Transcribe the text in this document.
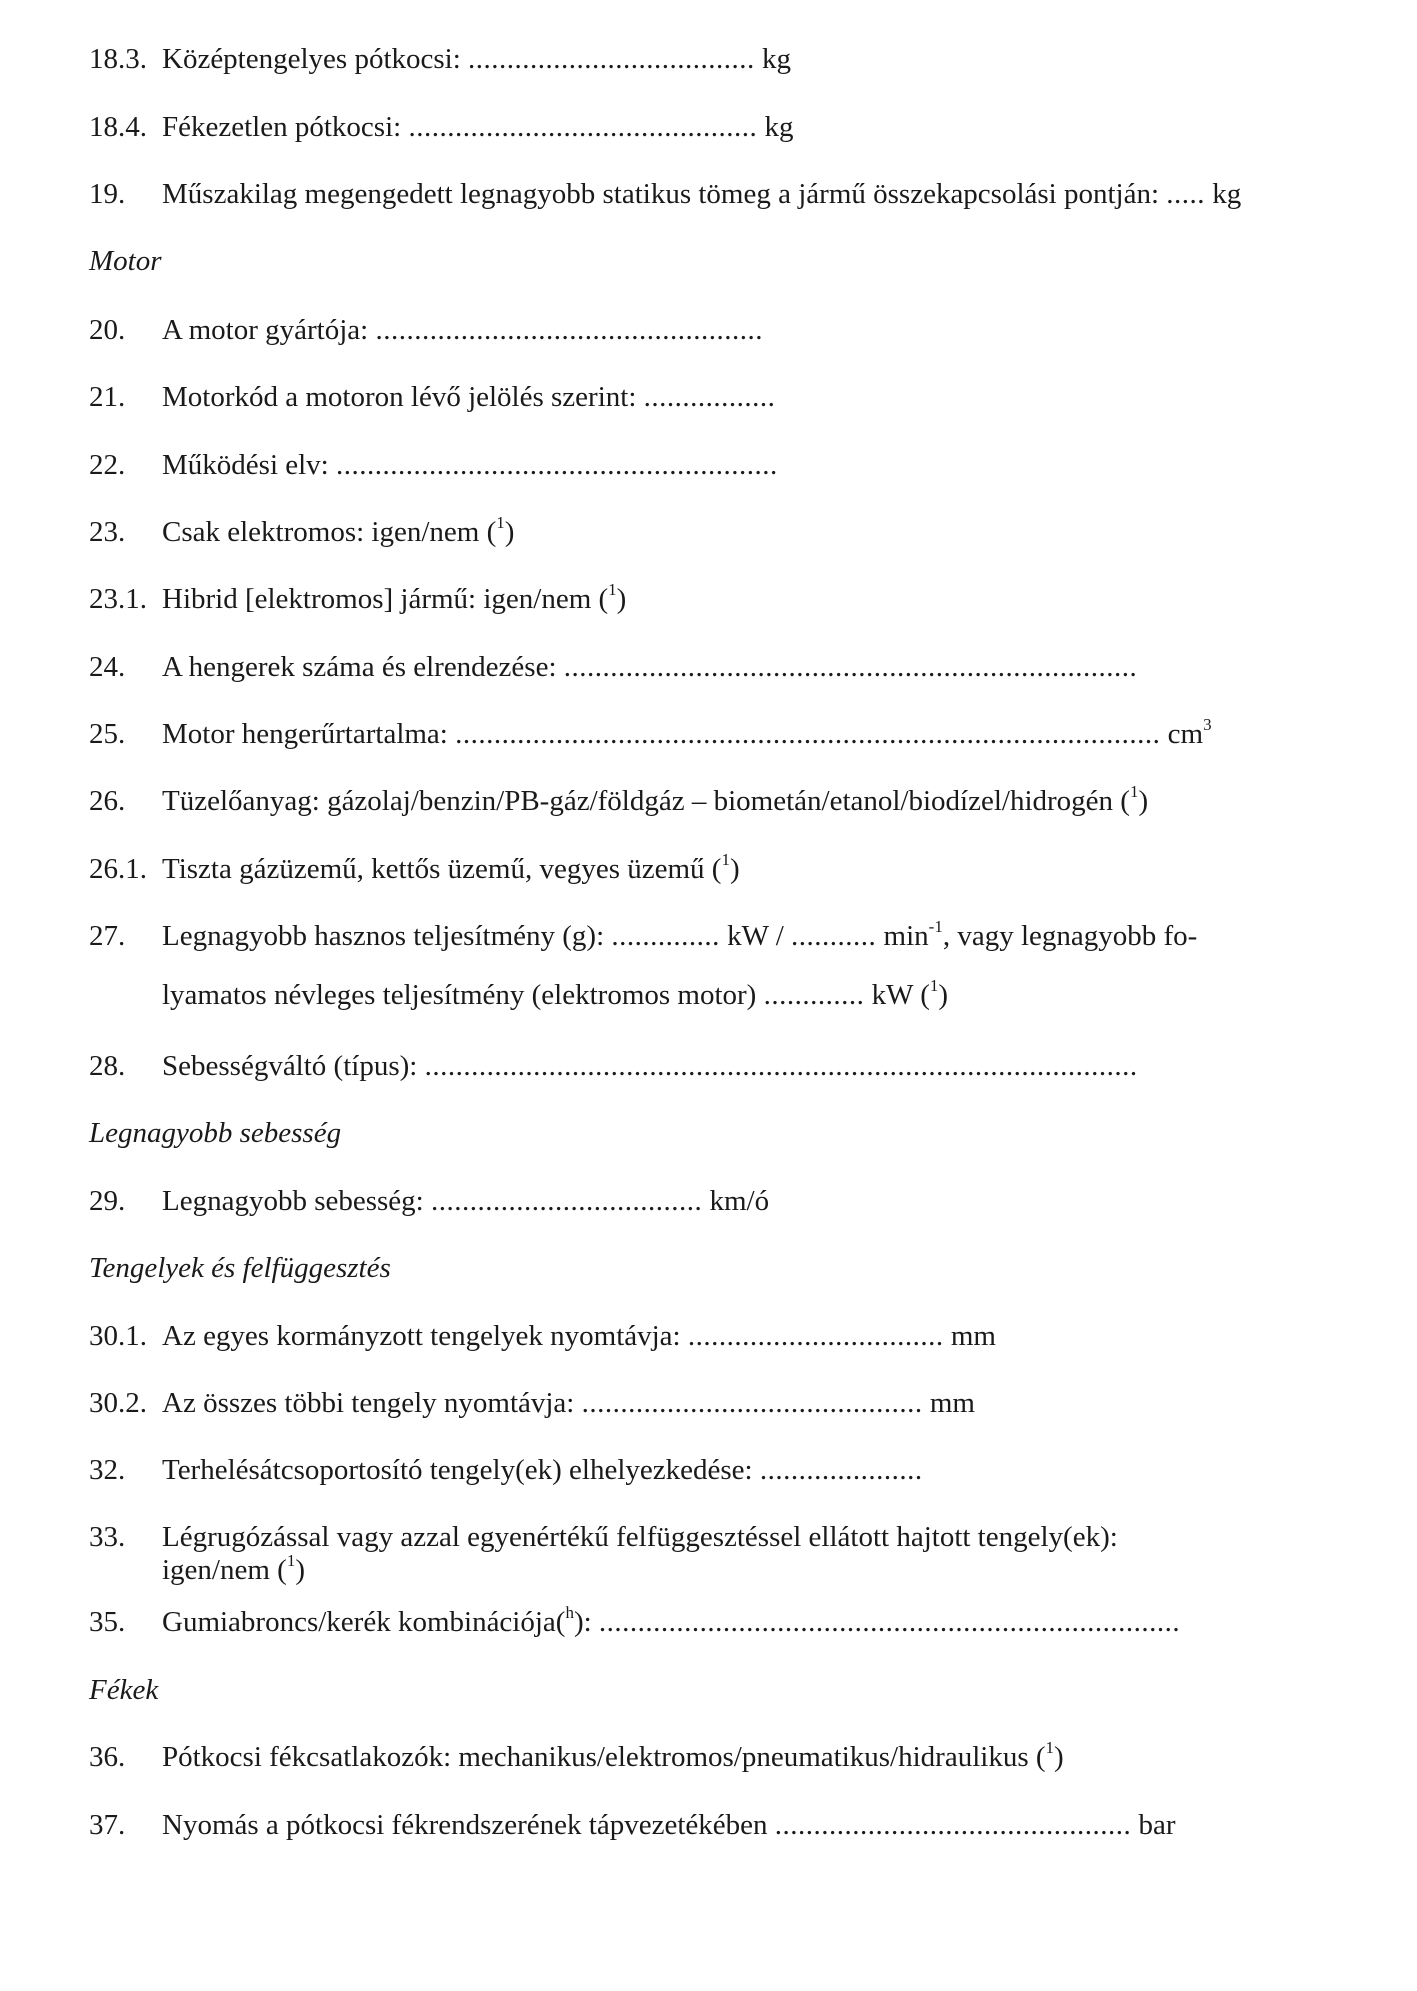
18.3. Középtengelyes pótkocsi: ..................................... kg
18.4. Fékezetlen pótkocsi: ............................................. kg
19. Műszakilag megengedett legnagyobb statikus tömeg a jármű összekapcsolási pontján: ..... kg
Motor
20. A motor gyártója: ..................................................
21. Motorkód a motoron lévő jelölés szerint: .................
22. Működési elv: .........................................................
23. Csak elektromos: igen/nem ($^1$)
23.1. Hibrid [elektromos] jármű: igen/nem ($^1$)
24. A hengerek száma és elrendezése: ..........................................................................
25. Motor hengerűrtartalma: ........................................................................................... $cm^3$
26. Tüzelőanyag: gázolaj/benzin/PB-gáz/földgáz – biometán/etanol/biodízel/hidrogén ($^1$)
26.1. Tiszta gázüzemű, kettős üzemű, vegyes üzemű ($^1$)
27. Legnagyobb hasznos teljesítmény (g): .............. kW / ........... $\min^{-1}$, vagy legnagyobb fo-
lyamatos névleges teljesítmény (elektromos motor) ............. kW ($^1$)
28. Sebességváltó (típus): ............................................................................................
Legnagyobb sebesség
29. Legnagyobb sebesség: ................................... km/ó
Tengelyek és felfüggesztés
30.1. Az egyes kormányzott tengelyek nyomtávja: ................................. mm
30.2. Az összes többi tengely nyomtávja: ............................................ mm
32. Terhelésátcsoportosító tengely(ek) elhelyezkedése: .....................
33. Légrugózással vagy azzal egyenértékű felfüggesztéssel ellátott hajtott tengely(ek):
igen/nem ($^1$)
35. Gumiabroncs/kerék kombinációja($^h$): ...........................................................................
Fékek
36. Pótkocsi fékcsatlakozók: mechanikus/elektromos/pneumatikus/hidraulikus ($^1$)
37. Nyomás a pótkocsi fékrendszerének tápvezetékében .............................................. bar
